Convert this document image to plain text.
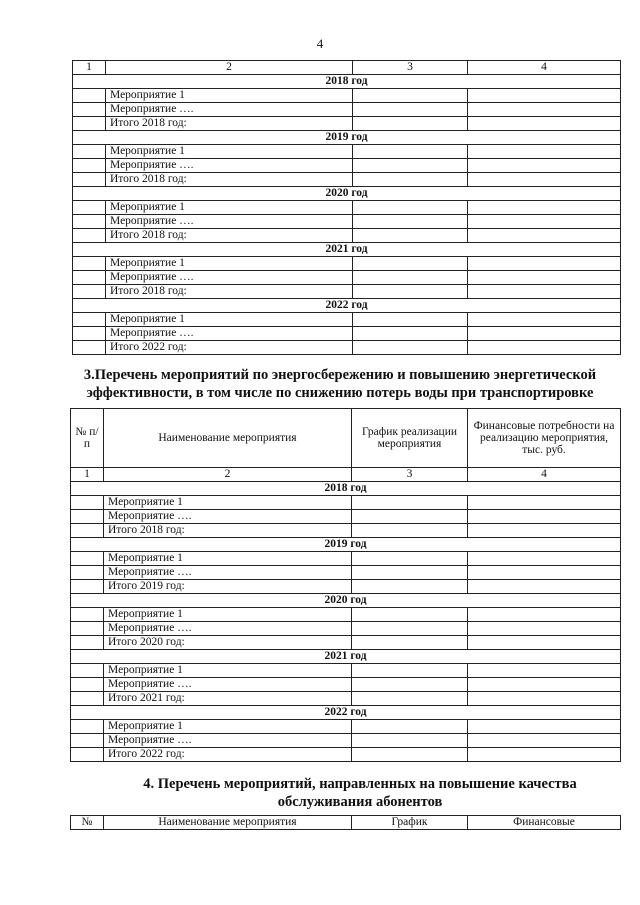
4
1	2	3	4
2018 год			
	Мероприятие 1		
	Мероприятие ….		
	Итого 2018 год:		
2019 год			
	Мероприятие 1		
	Мероприятие ….		
	Итого 2018 год:		
2020 год			
	Мероприятие 1		
	Мероприятие ….		
	Итого 2018 год:		
2021 год			
	Мероприятие 1		
	Мероприятие ….		
	Итого 2018 год:		
2022 год			
	Мероприятие 1		
	Мероприятие ….		
	Итого 2022 год:		
3.Перечень мероприятий по энергосбережению и повышению энергетической
эффективности, в том числе по снижению потерь воды при транспортировке
№ п/п	Наименование мероприятия	График реализации мероприятия	Финансовые потребности на реализацию мероприятия, тыс. руб.
1	2	3	4
2018 год			
	Мероприятие 1		
	Мероприятие ….		
	Итого 2018 год:		
2019 год			
	Мероприятие 1		
	Мероприятие ….		
	Итого 2019 год:		
2020 год			
	Мероприятие 1		
	Мероприятие ….		
	Итого 2020 год:		
2021 год			
	Мероприятие 1		
	Мероприятие ….		
	Итого 2021 год:		
2022 год			
	Мероприятие 1		
	Мероприятие ….		
	Итого 2022 год:		
4. Перечень мероприятий, направленных на повышение качества
обслуживания абонентов
№	Наименование мероприятия	График	Финансовые
